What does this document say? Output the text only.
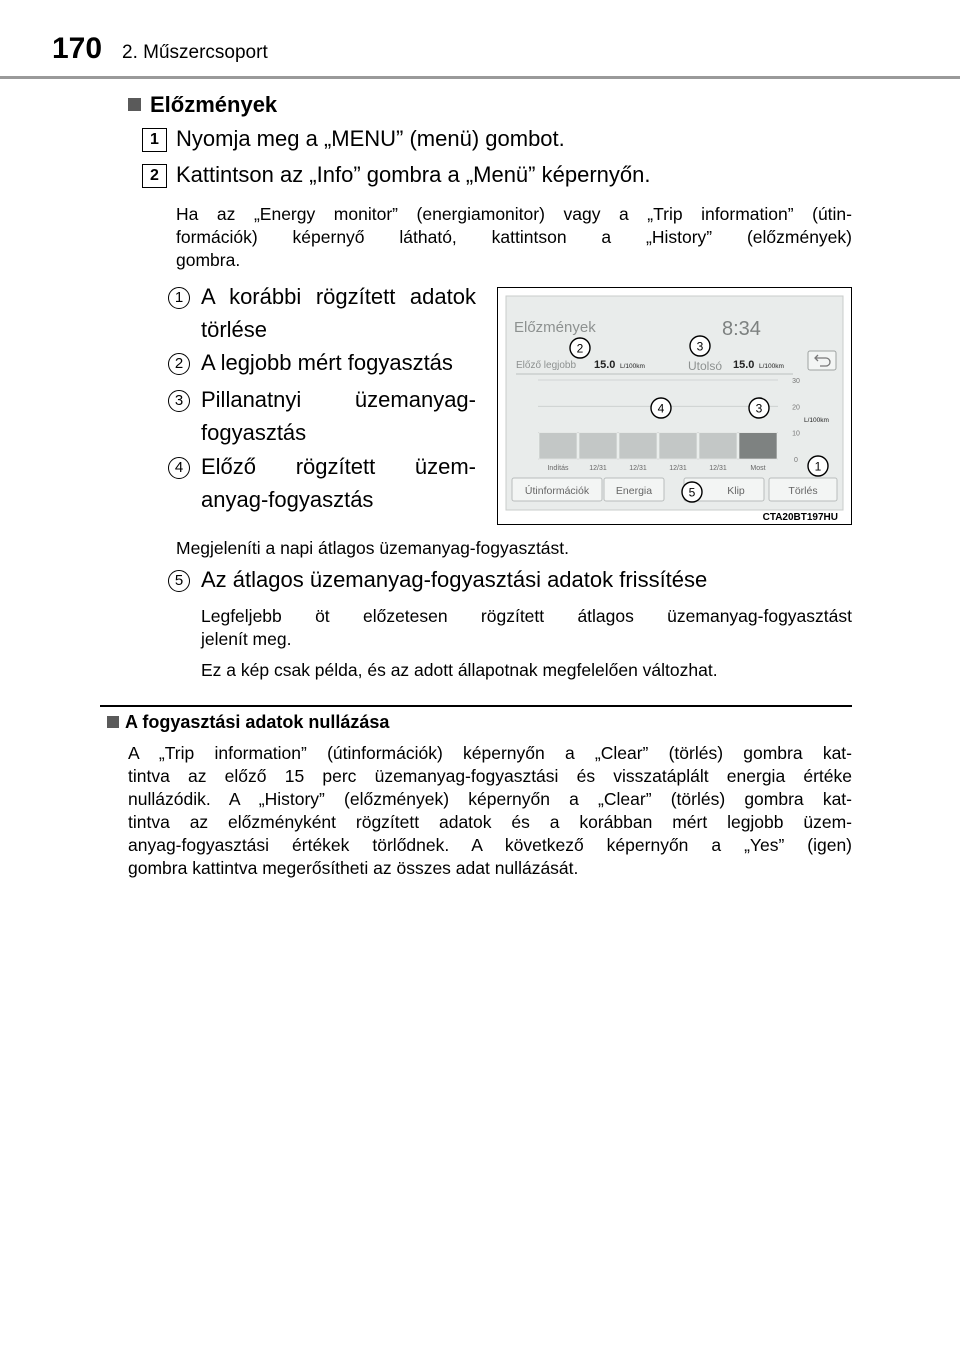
170 2. Műszercsoport
Előzmények
1 Nyomja meg a „MENU” (menü) gombot.
2 Kattintson az „Info” gombra a „Menü” képernyőn.
Ha az „Energy monitor” (energiamonitor) vagy a „Trip information” (útin-
formációk) képernyő látható, kattintson a „History” (előzmények)
gombra.
1 A korábbi rögzített adatok
törlése
2 A legjobb mért fogyasztás
3 Pillanatnyi üzemanyag-
fogyasztás
4 Előző rögzített üzem-
anyag-fogyasztás
Előzmények	8:34
Előző legjobb 15.0 L/100km	Utolsó 15.0 L/100km
30
20
10
0
Indítás	12/31	12/31	12/31	12/31	Most
L/100km
Útinformációk	Energia	Klip	Törlés
2	3
4	3
1
5
CTA20BT197HU
Megjeleníti a napi átlagos üzemanyag-fogyasztást.
5 Az átlagos üzemanyag-fogyasztási adatok frissítése
Legfeljebb öt előzetesen rögzített átlagos üzemanyag-fogyasztást
jelenít meg.
Ez a kép csak példa, és az adott állapotnak megfelelően változhat.
A fogyasztási adatok nullázása
A „Trip information” (útinformációk) képernyőn a „Clear” (törlés) gombra kat-
tintva az előző 15 perc üzemanyag-fogyasztási és visszatáplált energia értéke
nullázódik. A „History” (előzmények) képernyőn a „Clear” (törlés) gombra kat-
tintva az előzményként rögzített adatok és a korábban mért legjobb üzem-
anyag-fogyasztási értékek törlődnek. A következő képernyőn a „Yes” (igen)
gombra kattintva megerősítheti az összes adat nullázását.
